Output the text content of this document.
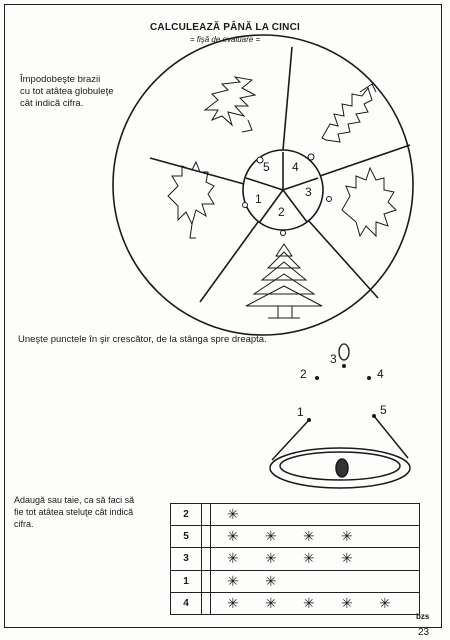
CALCULEAZĂ PÂNĂ LA CINCI
= fişă de evaluare =
Împodobeşte brazii
cu tot atâtea globuleţe
cât indică cifra.
5 4
3
2
1
Uneşte punctele în şir crescător, de la stânga spre dreapta.
1
2
3
4
5
Adaugă sau taie, ca să faci să
fie tot atâtea steluţe cât indică
cifra.
2		✳
5		✳ ✳ ✳ ✳
3		✳ ✳ ✳ ✳
1		✳ ✳
4		✳ ✳ ✳ ✳ ✳
bzs
23
